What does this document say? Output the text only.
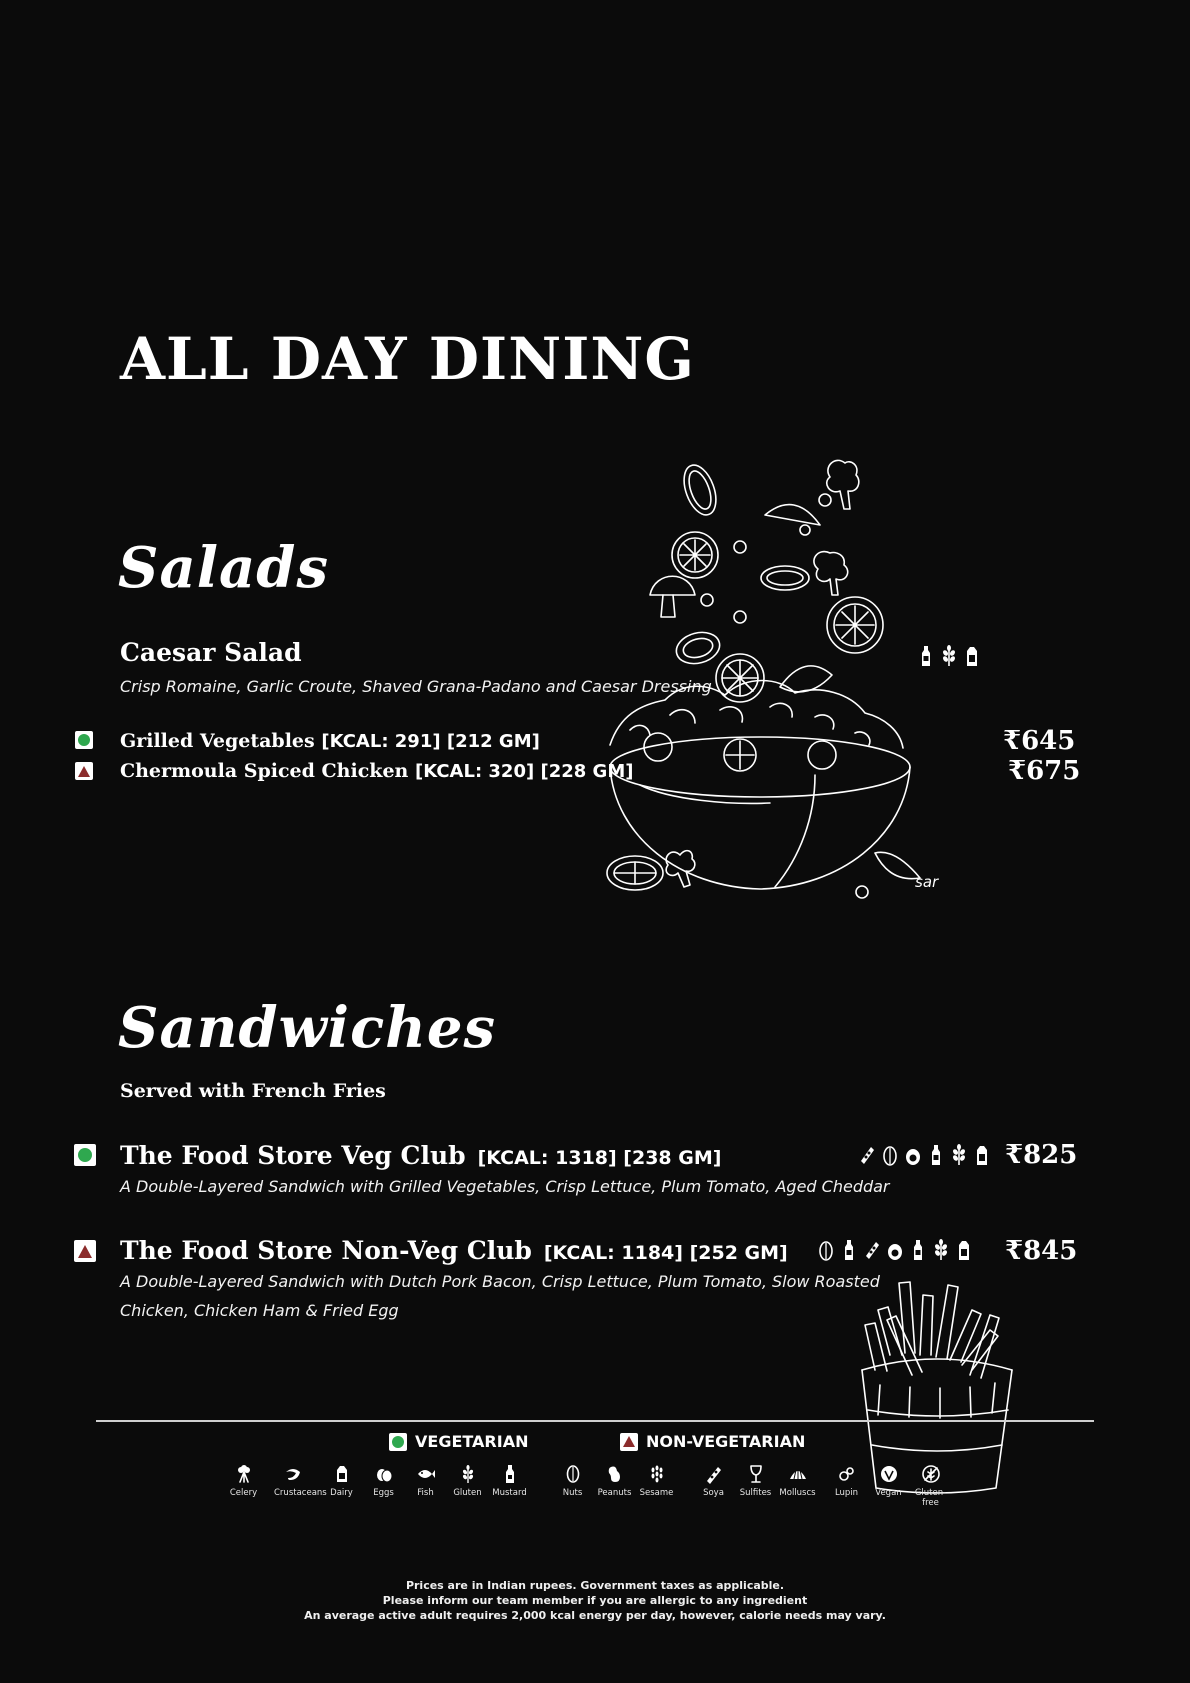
ALL DAY DINING
Salads
Caesar Salad
Crisp Romaine, Garlic Croute, Shaved Grana-Padano and Caesar Dressing
Grilled Vegetables [KCAL: 291] [212 GM]	₹645
Chermoula Spiced Chicken [KCAL: 320] [228 GM]	₹675
sar
Sandwiches
Served with French Fries
The Food Store Veg Club [KCAL: 1318] [238 GM]
A Double-Layered Sandwich with Grilled Vegetables, Crisp Lettuce, Plum Tomato, Aged Cheddar
₹825
The Food Store Non-Veg Club [KCAL: 1184] [252 GM]
A Double-Layered Sandwich with Dutch Pork Bacon, Crisp Lettuce, Plum Tomato, Slow Roasted
Chicken, Chicken Ham & Fried Egg
₹845
VEGETARIAN	NON-VEGETARIAN
Celery	Crustaceans Dairy	Eggs	Fish	Gluten	Mustard	Nuts	Peanuts Sesame	Soya	Sulfites Molluscs	Lupin	Vegan	Gluten-free
Prices are in Indian rupees. Government taxes as applicable.
Please inform our team member if you are allergic to any ingredient
An average active adult requires 2,000 kcal energy per day, however, calorie needs may vary.
